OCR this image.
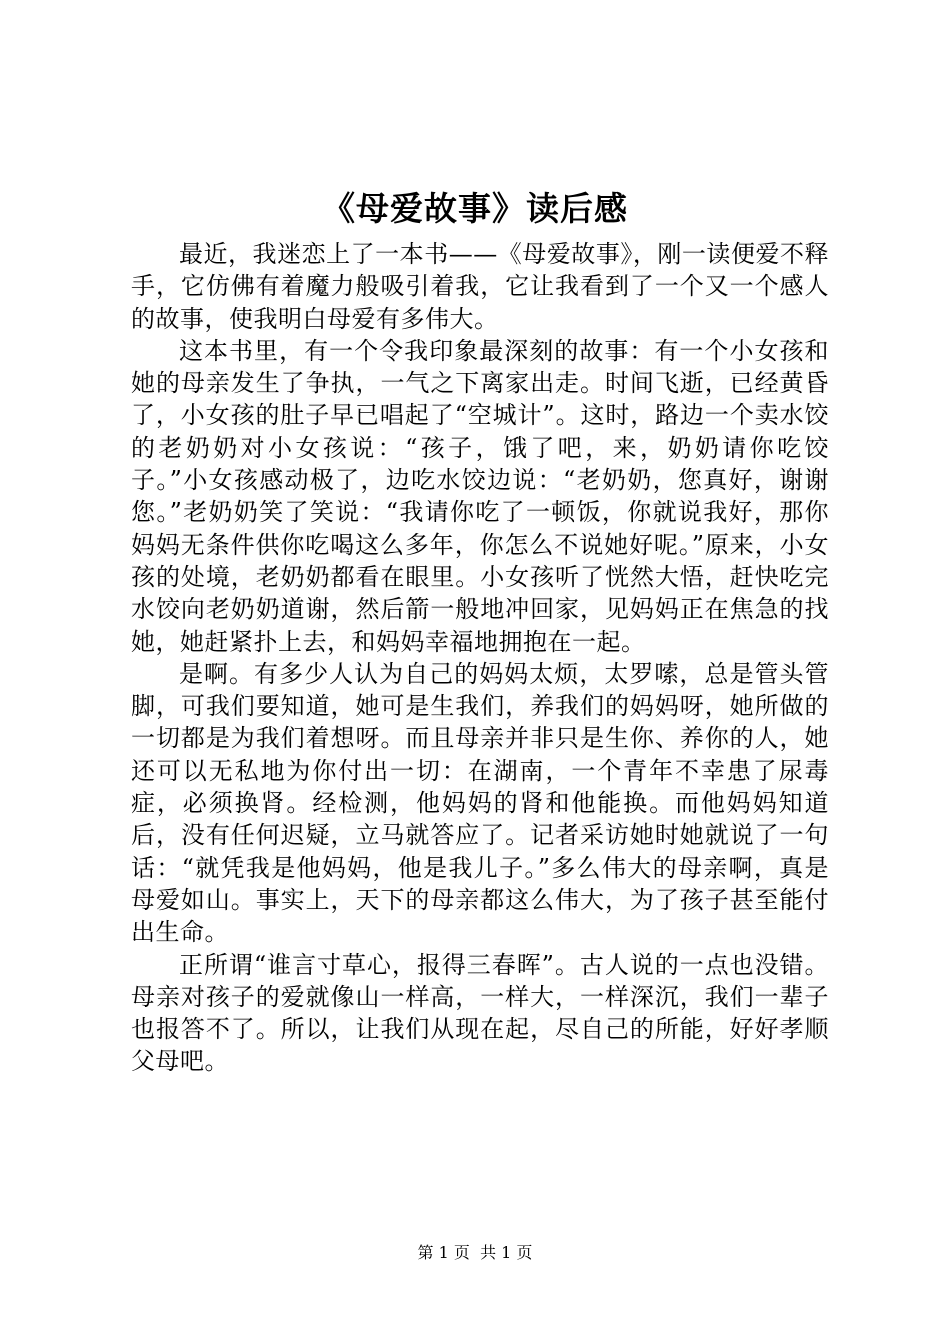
《母爱故事》读后感

最近，我迷恋上了一本书——《母爱故事》，刚一读便爱不释手，它仿佛有着魔力般吸引着我，它让我看到了一个又一个感人的故事，使我明白母爱有多伟大。

这本书里，有一个令我印象最深刻的故事：有一个小女孩和她的母亲发生了争执，一气之下离家出走。时间飞逝，已经黄昏了，小女孩的肚子早已唱起了“空城计”。这时，路边一个卖水饺的老奶奶对小女孩说：“孩子，饿了吧，来，奶奶请你吃饺子。”小女孩感动极了，边吃水饺边说：“老奶奶，您真好，谢谢您。”老奶奶笑了笑说：“我请你吃了一顿饭，你就说我好，那你妈妈无条件供你吃喝这么多年，你怎么不说她好呢。”原来，小女孩的处境，老奶奶都看在眼里。小女孩听了恍然大悟，赶快吃完水饺向老奶奶道谢，然后箭一般地冲回家，见妈妈正在焦急的找她，她赶紧扑上去，和妈妈幸福地拥抱在一起。

是啊。有多少人认为自己的妈妈太烦，太罗嗦，总是管头管脚，可我们要知道，她可是生我们，养我们的妈妈呀，她所做的一切都是为我们着想呀。而且母亲并非只是生你、养你的人，她还可以无私地为你付出一切：在湖南，一个青年不幸患了尿毒症，必须换肾。经检测，他妈妈的肾和他能换。而他妈妈知道后，没有任何迟疑，立马就答应了。记者采访她时她就说了一句话：“就凭我是他妈妈，他是我儿子。”多么伟大的母亲啊，真是母爱如山。事实上，天下的母亲都这么伟大，为了孩子甚至能付出生命。

正所谓“谁言寸草心，报得三春晖”。古人说的一点也没错。母亲对孩子的爱就像山一样高，一样大，一样深沉，我们一辈子也报答不了。所以，让我们从现在起，尽自己的所能，好好孝顺父母吧。

第 1 页  共 1 页
